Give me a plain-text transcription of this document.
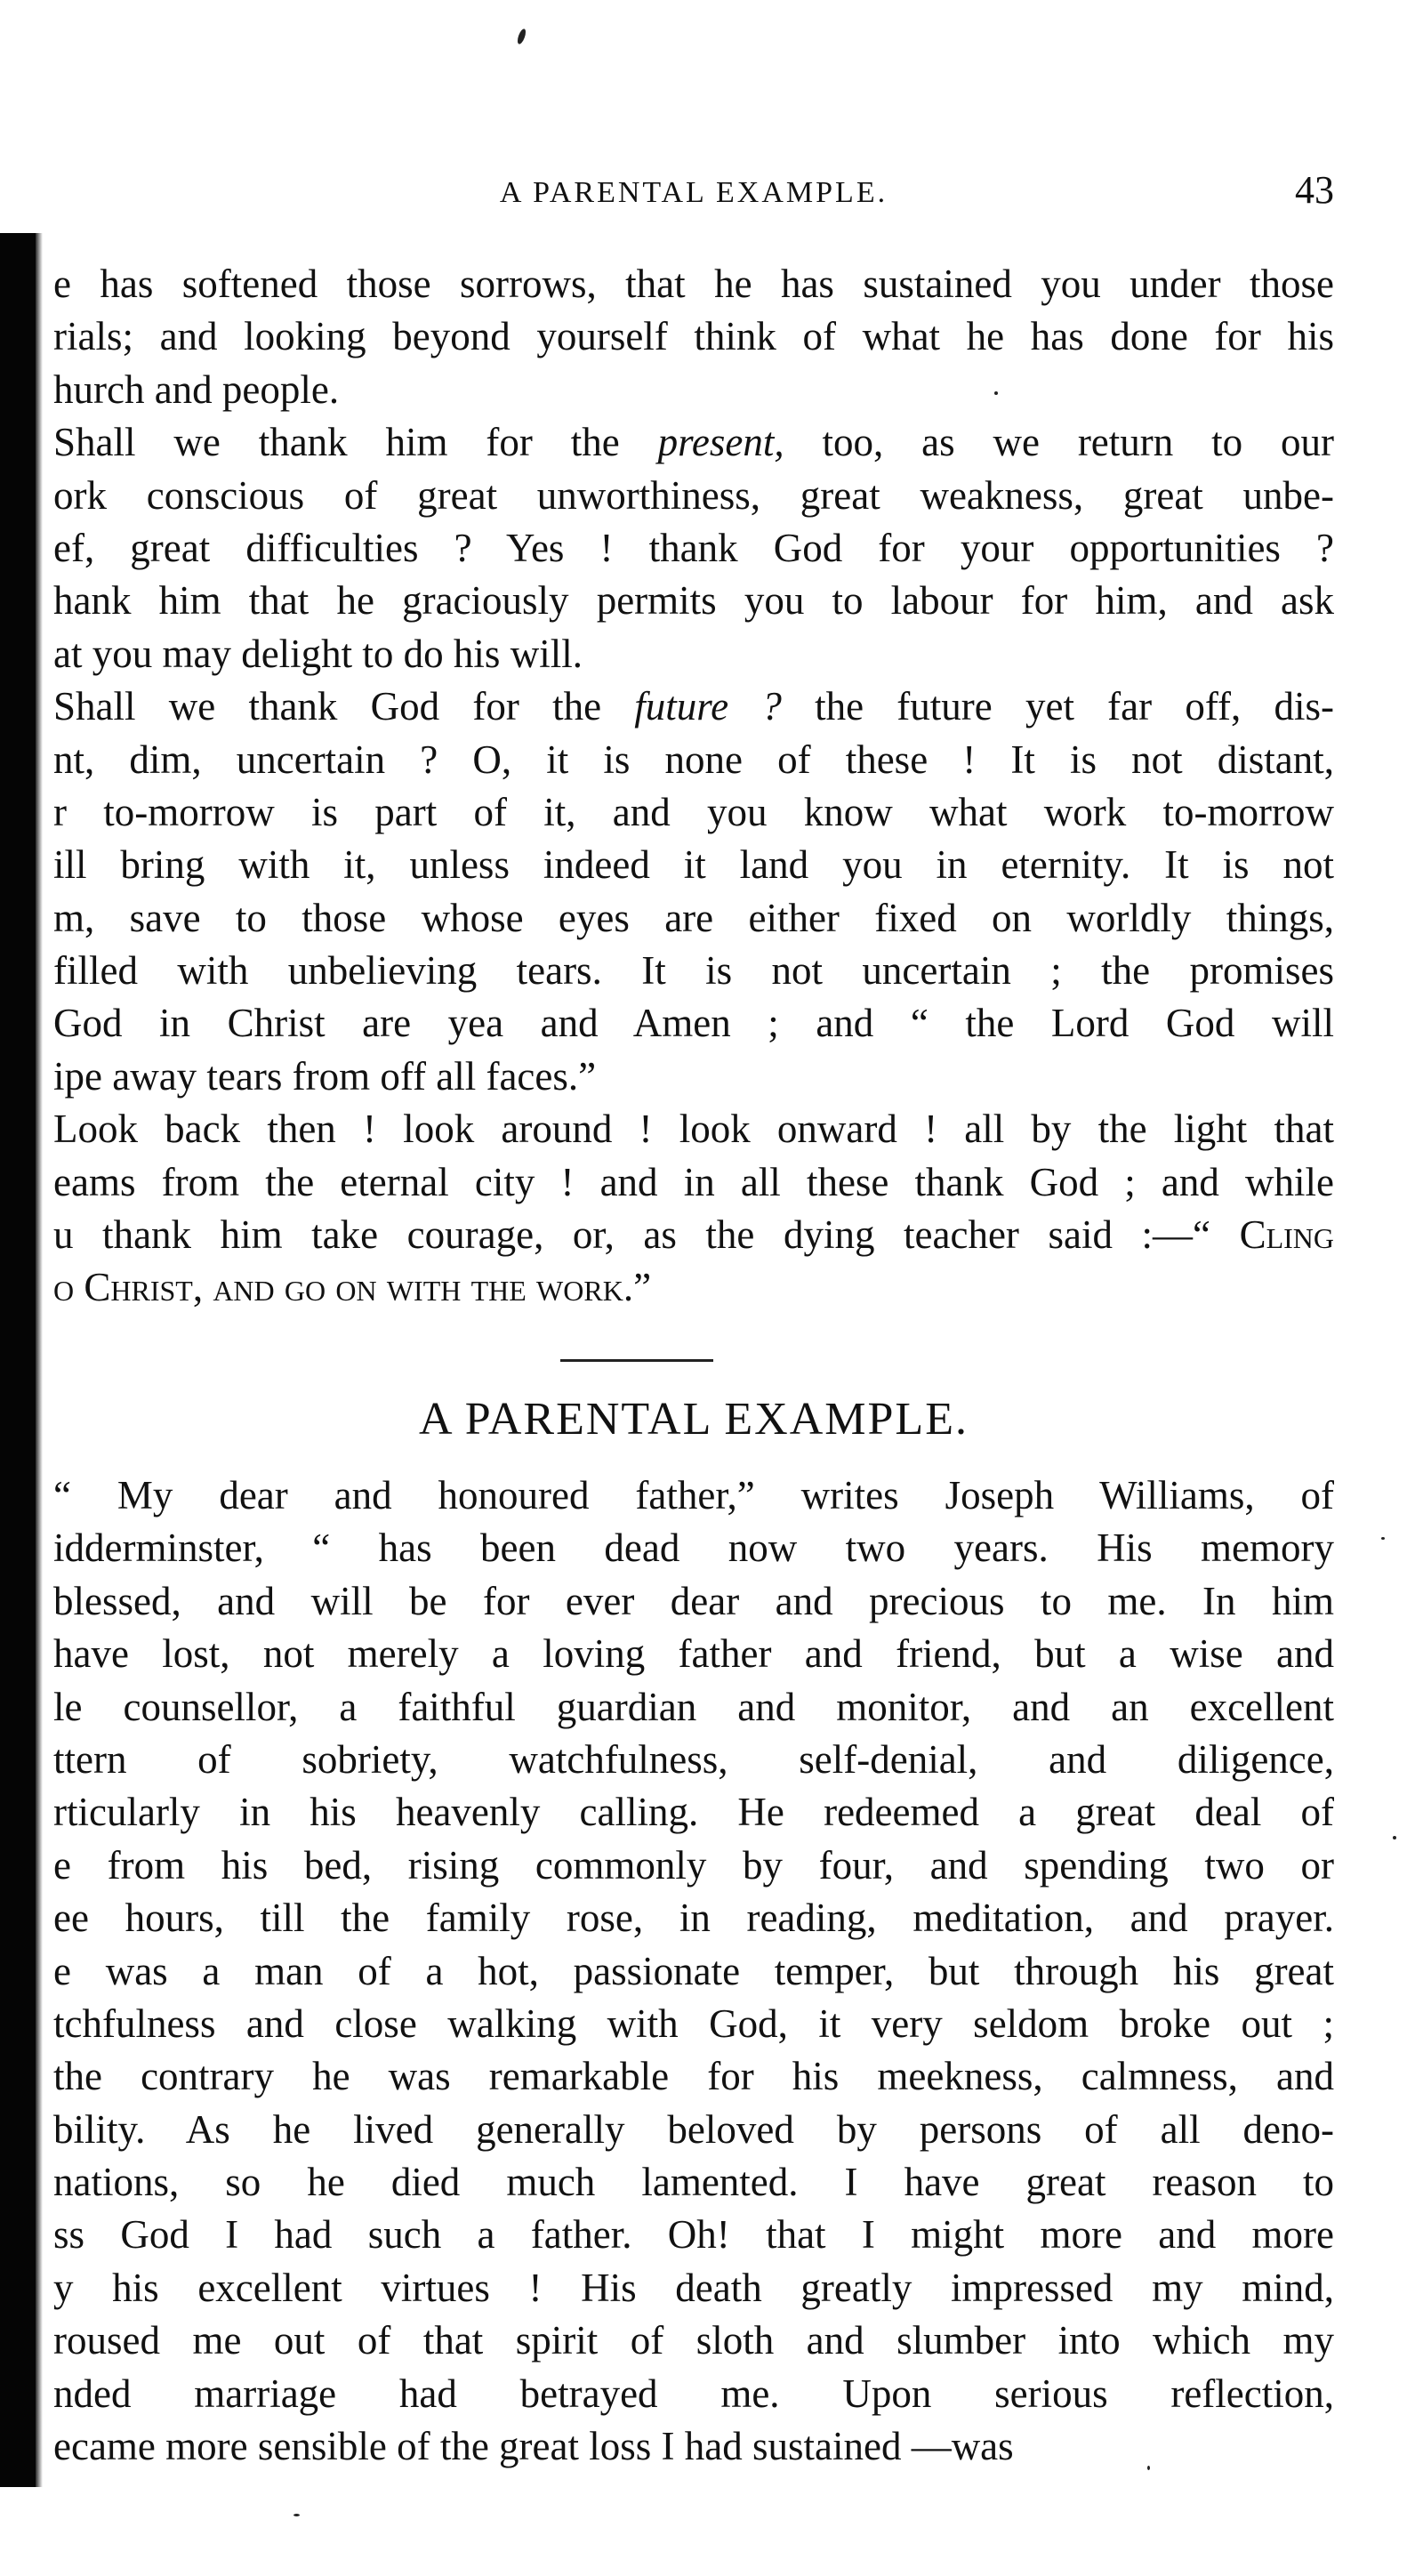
A PARENTAL EXAMPLE.	43
e has softened those sorrows, that he has sustained you under those
rials; and looking beyond yourself think of what he has done for his
hurch and people.
Shall we thank him for the present, too, as we return to our
ork conscious of great unworthiness, great weakness, great unbe-
ef, great difficulties ? Yes ! thank God for your opportunities ?
hank him that he graciously permits you to labour for him, and ask
at you may delight to do his will.
Shall we thank God for the future ? the future yet far off, dis-
nt, dim, uncertain ? O, it is none of these ! It is not distant,
r to-morrow is part of it, and you know what work to-morrow
ill bring with it, unless indeed it land you in eternity. It is not
m, save to those whose eyes are either fixed on worldly things,
filled with unbelieving tears. It is not uncertain ; the promises
God in Christ are yea and Amen ; and “ the Lord God will
ipe away tears from off all faces.”
Look back then ! look around ! look onward ! all by the light that
eams from the eternal city ! and in all these thank God ; and while
u thank him take courage, or, as the dying teacher said :—“ Cling
o Christ, and go on with the work.”
A PARENTAL EXAMPLE.
“ My dear and honoured father,” writes Joseph Williams, of
idderminster, “ has been dead now two years. His memory
blessed, and will be for ever dear and precious to me. In him
have lost, not merely a loving father and friend, but a wise and
le counsellor, a faithful guardian and monitor, and an excellent
ttern of sobriety, watchfulness, self-denial, and diligence,
rticularly in his heavenly calling. He redeemed a great deal of
e from his bed, rising commonly by four, and spending two or
ee hours, till the family rose, in reading, meditation, and prayer.
e was a man of a hot, passionate temper, but through his great
tchfulness and close walking with God, it very seldom broke out ;
the contrary he was remarkable for his meekness, calmness, and
bility. As he lived generally beloved by persons of all deno-
nations, so he died much lamented. I have great reason to
ss God I had such a father. Oh! that I might more and more
y his excellent virtues ! His death greatly impressed my mind,
roused me out of that spirit of sloth and slumber into which my
nded marriage had betrayed me. Upon serious reflection,
ecame more sensible of the great loss I had sustained —was
